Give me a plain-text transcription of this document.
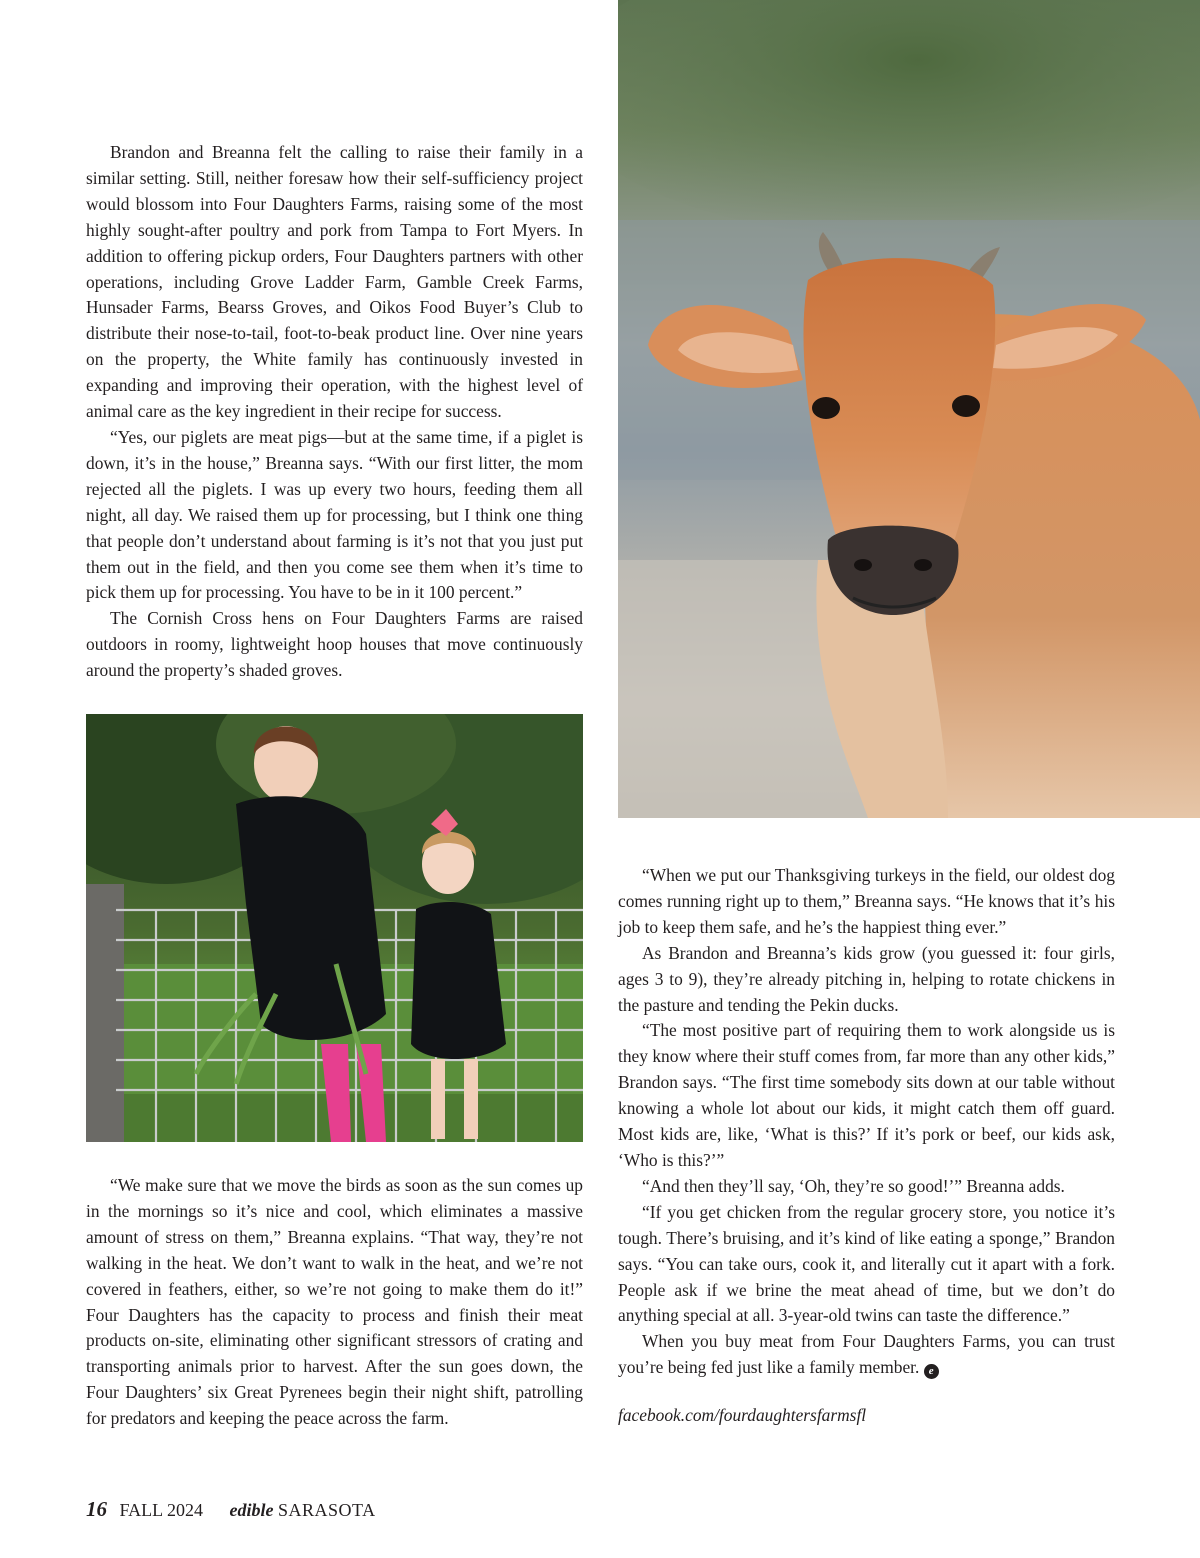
Brandon and Breanna felt the calling to raise their family in a similar setting. Still, neither foresaw how their self-sufficiency project would blossom into Four Daughters Farms, raising some of the most highly sought-after poultry and pork from Tampa to Fort Myers. In addition to offering pickup orders, Four Daughters partners with other operations, including Grove Ladder Farm, Gamble Creek Farms, Hunsader Farms, Bearss Groves, and Oikos Food Buyer’s Club to distribute their nose-to-tail, foot-to-beak product line. Over nine years on the property, the White family has continuously invested in expanding and improving their operation, with the highest level of animal care as the key ingredient in their recipe for success.

“Yes, our piglets are meat pigs—but at the same time, if a piglet is down, it’s in the house,” Breanna says. “With our first litter, the mom rejected all the piglets. I was up every two hours, feeding them all night, all day. We raised them up for processing, but I think one thing that people don’t understand about farming is it’s not that you just put them out in the field, and then you come see them when it’s time to pick them up for processing. You have to be in it 100 percent.”

The Cornish Cross hens on Four Daughters Farms are raised outdoors in roomy, lightweight hoop houses that move continuously around the property’s shaded groves.

“We make sure that we move the birds as soon as the sun comes up in the mornings so it’s nice and cool, which eliminates a massive amount of stress on them,” Breanna explains. “That way, they’re not walking in the heat. We don’t want to walk in the heat, and we’re not covered in feathers, either, so we’re not going to make them do it!” Four Daughters has the capacity to process and finish their meat products on-site, eliminating other significant stressors of crating and transporting animals prior to harvest. After the sun goes down, the Four Daughters’ six Great Pyrenees begin their night shift, patrolling for predators and keeping the peace across the farm.

“When we put our Thanksgiving turkeys in the field, our oldest dog comes running right up to them,” Breanna says. “He knows that it’s his job to keep them safe, and he’s the happiest thing ever.”

As Brandon and Breanna’s kids grow (you guessed it: four girls, ages 3 to 9), they’re already pitching in, helping to rotate chickens in the pasture and tending the Pekin ducks.

“The most positive part of requiring them to work alongside us is they know where their stuff comes from, far more than any other kids,” Brandon says. “The first time somebody sits down at our table without knowing a whole lot about our kids, it might catch them off guard. Most kids are, like, ‘What is this?’ If it’s pork or beef, our kids ask, ‘Who is this?’”

“And then they’ll say, ‘Oh, they’re so good!’” Breanna adds.

“If you get chicken from the regular grocery store, you notice it’s tough. There’s bruising, and it’s kind of like eating a sponge,” Brandon says. “You can take ours, cook it, and literally cut it apart with a fork. People ask if we brine the meat ahead of time, but we don’t do anything special at all. 3-year-old twins can taste the difference.”

When you buy meat from Four Daughters Farms, you can trust you’re being fed just like a family member. e

facebook.com/fourdaughtersfarmsfl

16 FALL 2024 edible SARASOTA
